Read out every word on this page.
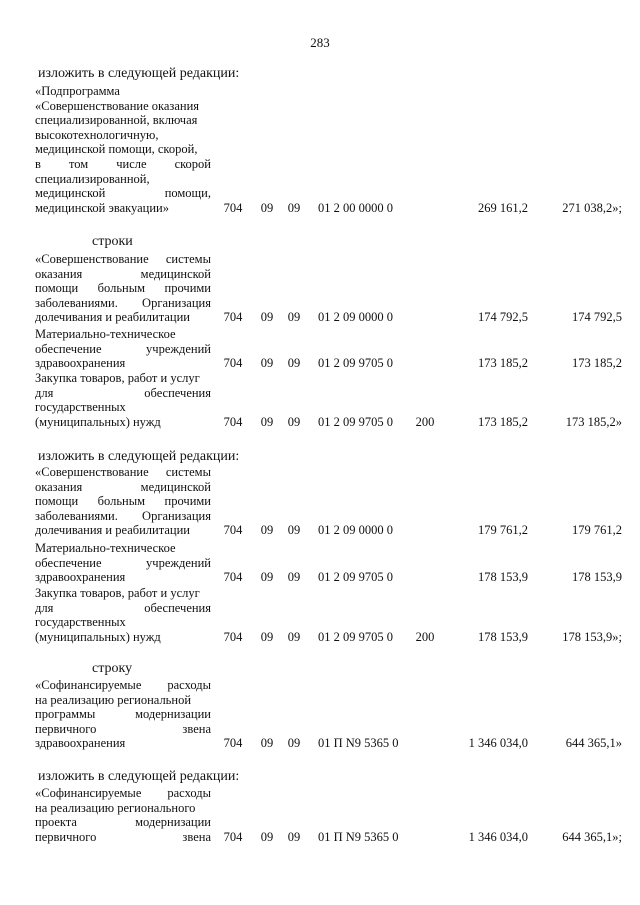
283
изложить в следующей редакции:
строки
изложить в следующей редакции:
строку
изложить в следующей редакции:
«Подпрограмма
«Совершенствование оказания
специализированной, включая
высокотехнологичную,
медицинской помощи, скорой,
в том числе скорой
специализированной,
медицинской помощи,
медицинской эвакуации»	704 09 09 01 2 00 0000 0	269 161,2	271 038,2»;
«Совершенствование системы
оказания медицинской
помощи больным прочими
заболеваниями. Организация
долечивания и реабилитации	704 09 09 01 2 09 0000 0	174 792,5	174 792,5
Материально-техническое
обеспечение учреждений
здравоохранения	704 09 09 01 2 09 9705 0	173 185,2	173 185,2
Закупка товаров, работ и услуг
для обеспечения
государственных
(муниципальных) нужд	704 09 09 01 2 09 9705 0	200	173 185,2	173 185,2»
«Совершенствование системы
оказания медицинской
помощи больным прочими
заболеваниями. Организация
долечивания и реабилитации	704 09 09 01 2 09 0000 0	179 761,2	179 761,2
Материально-техническое
обеспечение учреждений
здравоохранения	704 09 09 01 2 09 9705 0	178 153,9	178 153,9
Закупка товаров, работ и услуг
для обеспечения
государственных
(муниципальных) нужд	704 09 09 01 2 09 9705 0	200	178 153,9	178 153,9»;
«Софинансируемые расходы
на реализацию региональной
программы модернизации
первичного звена
здравоохранения	704 09 09 01 П N9 5365 0	1 346 034,0	644 365,1»
«Софинансируемые расходы
на реализацию регионального
проекта модернизации
первичного звена 704 09 09 01 П N9 5365 0	1 346 034,0	644 365,1»;
